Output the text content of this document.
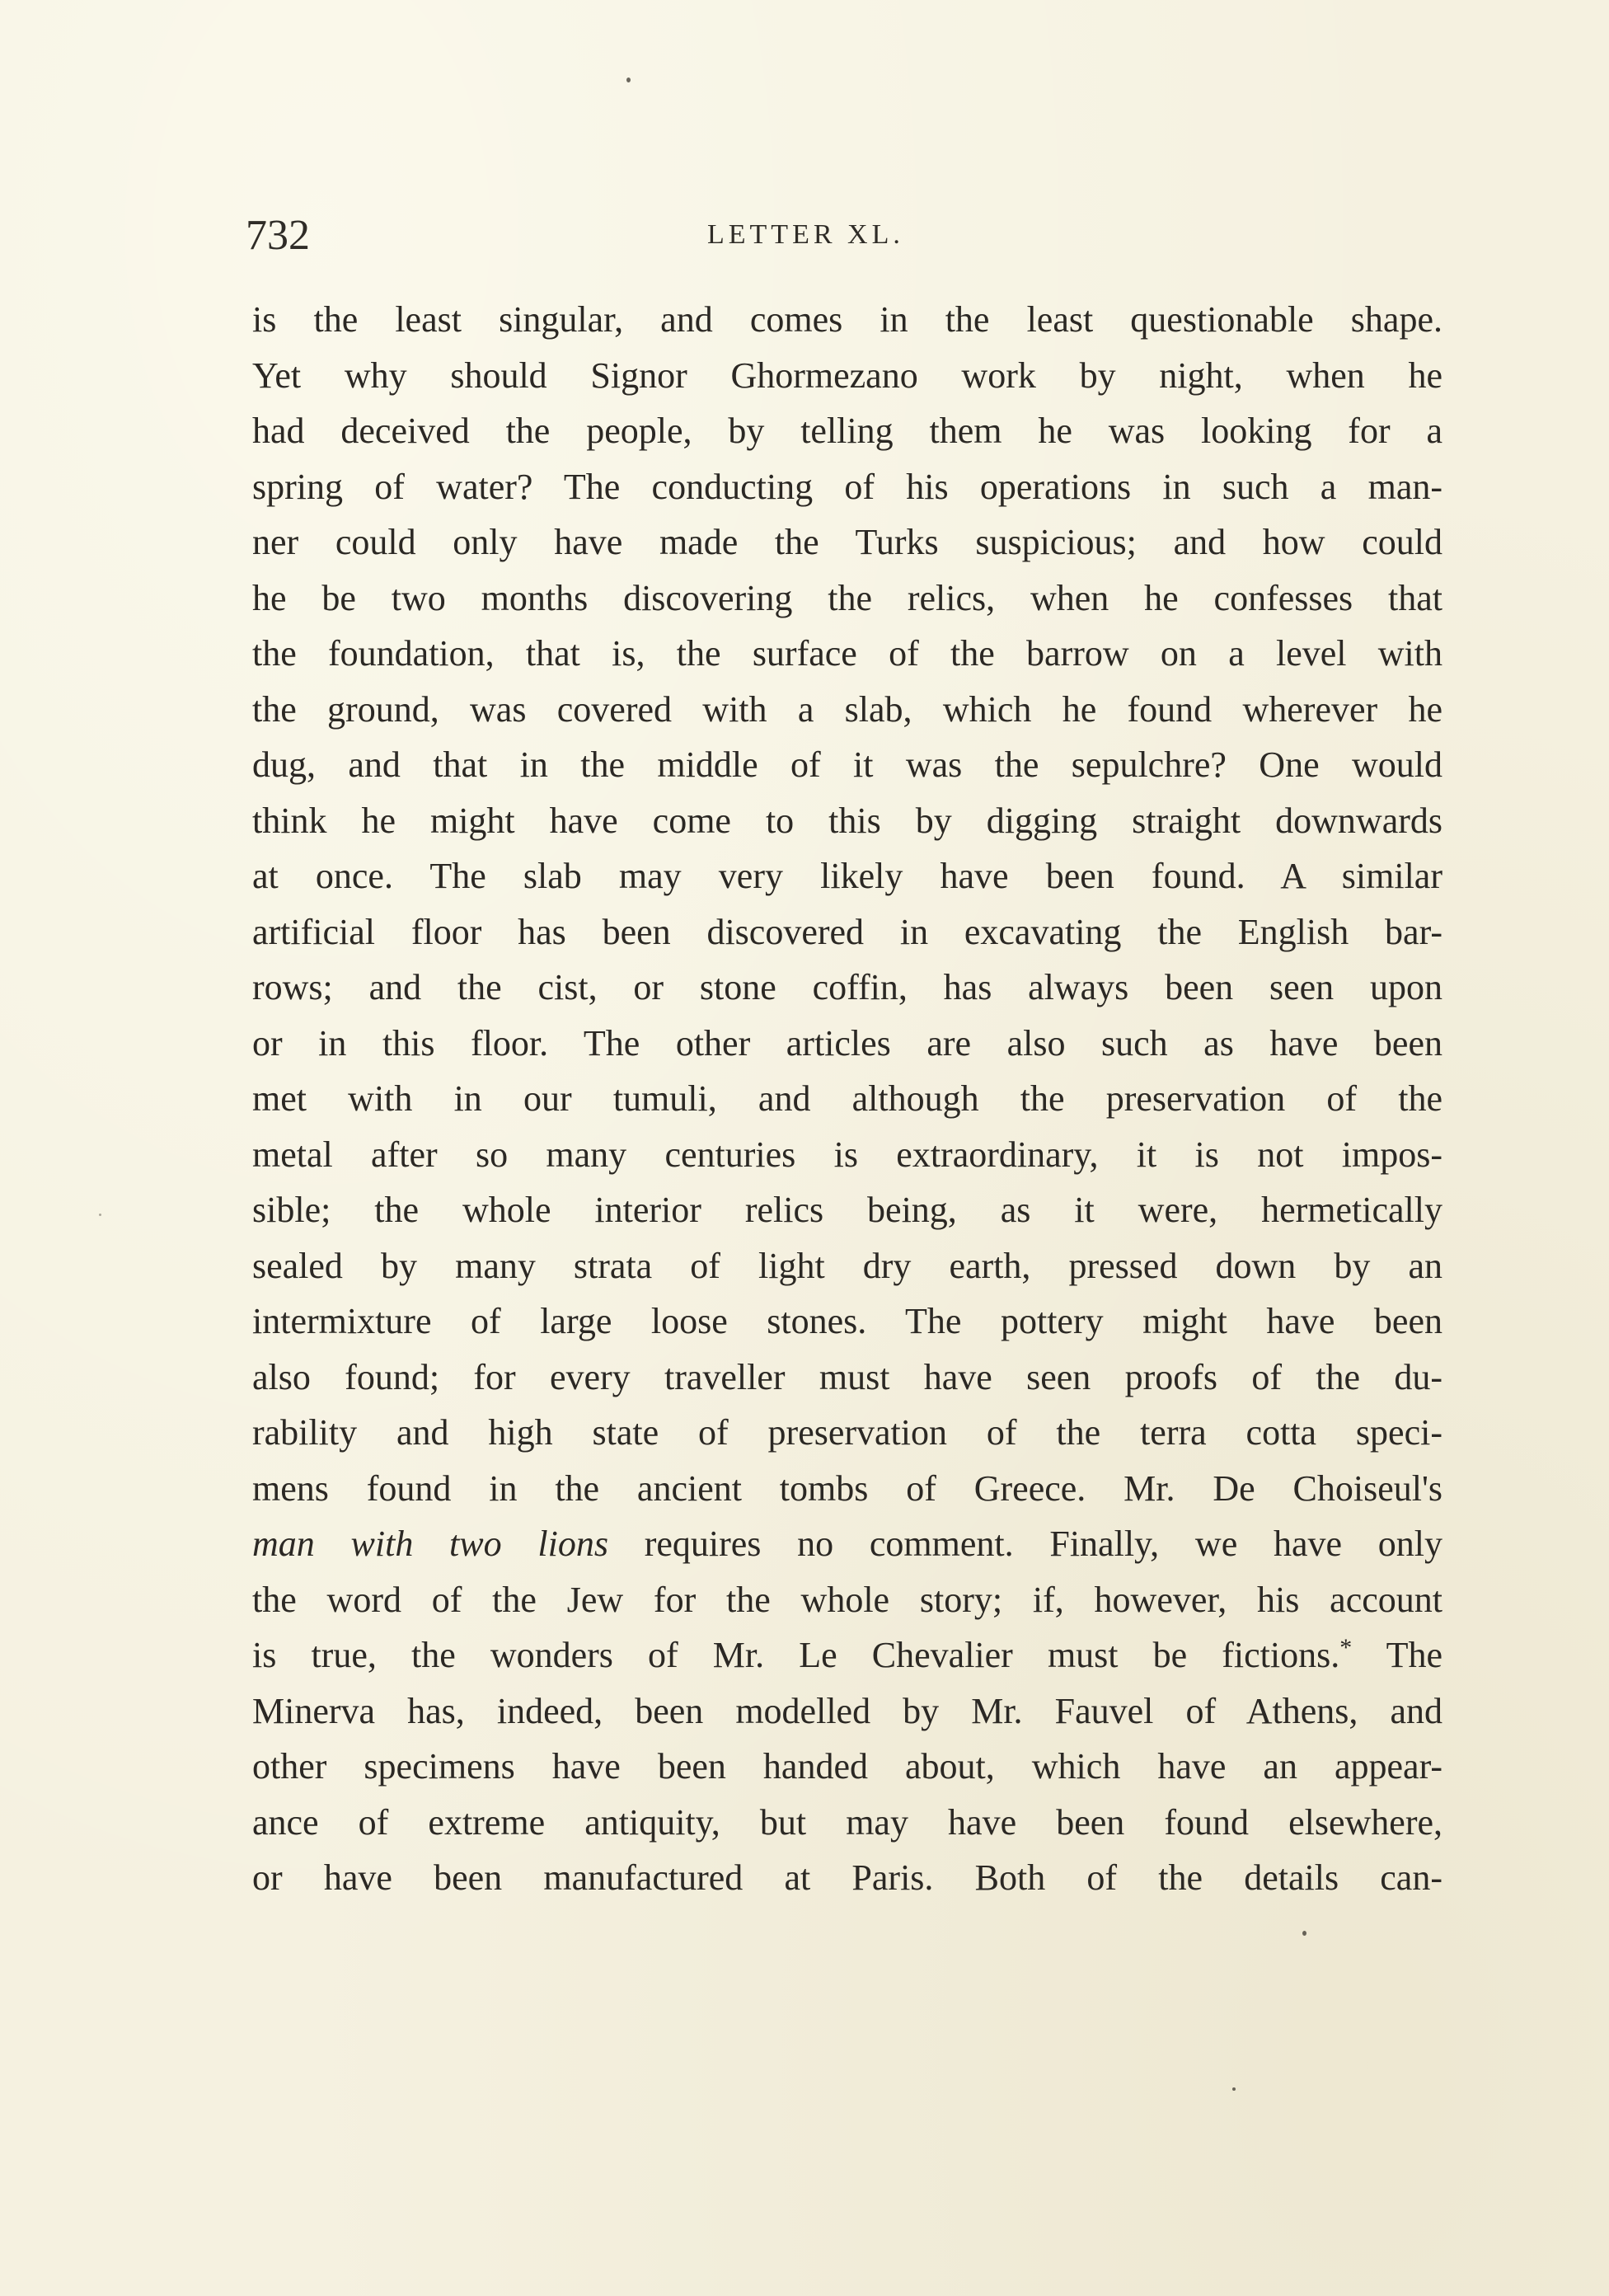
732	LETTER XL.
is the least singular, and comes in the least questionable shape.
Yet why should Signor Ghormezano work by night, when he
had deceived the people, by telling them he was looking for a
spring of water? The conducting of his operations in such a man-
ner could only have made the Turks suspicious; and how could
he be two months discovering the relics, when he confesses that
the foundation, that is, the surface of the barrow on a level with
the ground, was covered with a slab, which he found wherever he
dug, and that in the middle of it was the sepulchre? One would
think he might have come to this by digging straight downwards
at once. The slab may very likely have been found. A similar
artificial floor has been discovered in excavating the English bar-
rows; and the cist, or stone coffin, has always been seen upon
or in this floor. The other articles are also such as have been
met with in our tumuli, and although the preservation of the
metal after so many centuries is extraordinary, it is not impos-
sible; the whole interior relics being, as it were, hermetically
sealed by many strata of light dry earth, pressed down by an
intermixture of large loose stones. The pottery might have been
also found; for every traveller must have seen proofs of the du-
rability and high state of preservation of the terra cotta speci-
mens found in the ancient tombs of Greece. Mr. De Choiseul's
man with two lions requires no comment. Finally, we have only
the word of the Jew for the whole story; if, however, his account
is true, the wonders of Mr. Le Chevalier must be fictions.* The
Minerva has, indeed, been modelled by Mr. Fauvel of Athens, and
other specimens have been handed about, which have an appear-
ance of extreme antiquity, but may have been found elsewhere,
or have been manufactured at Paris. Both of the details can-
